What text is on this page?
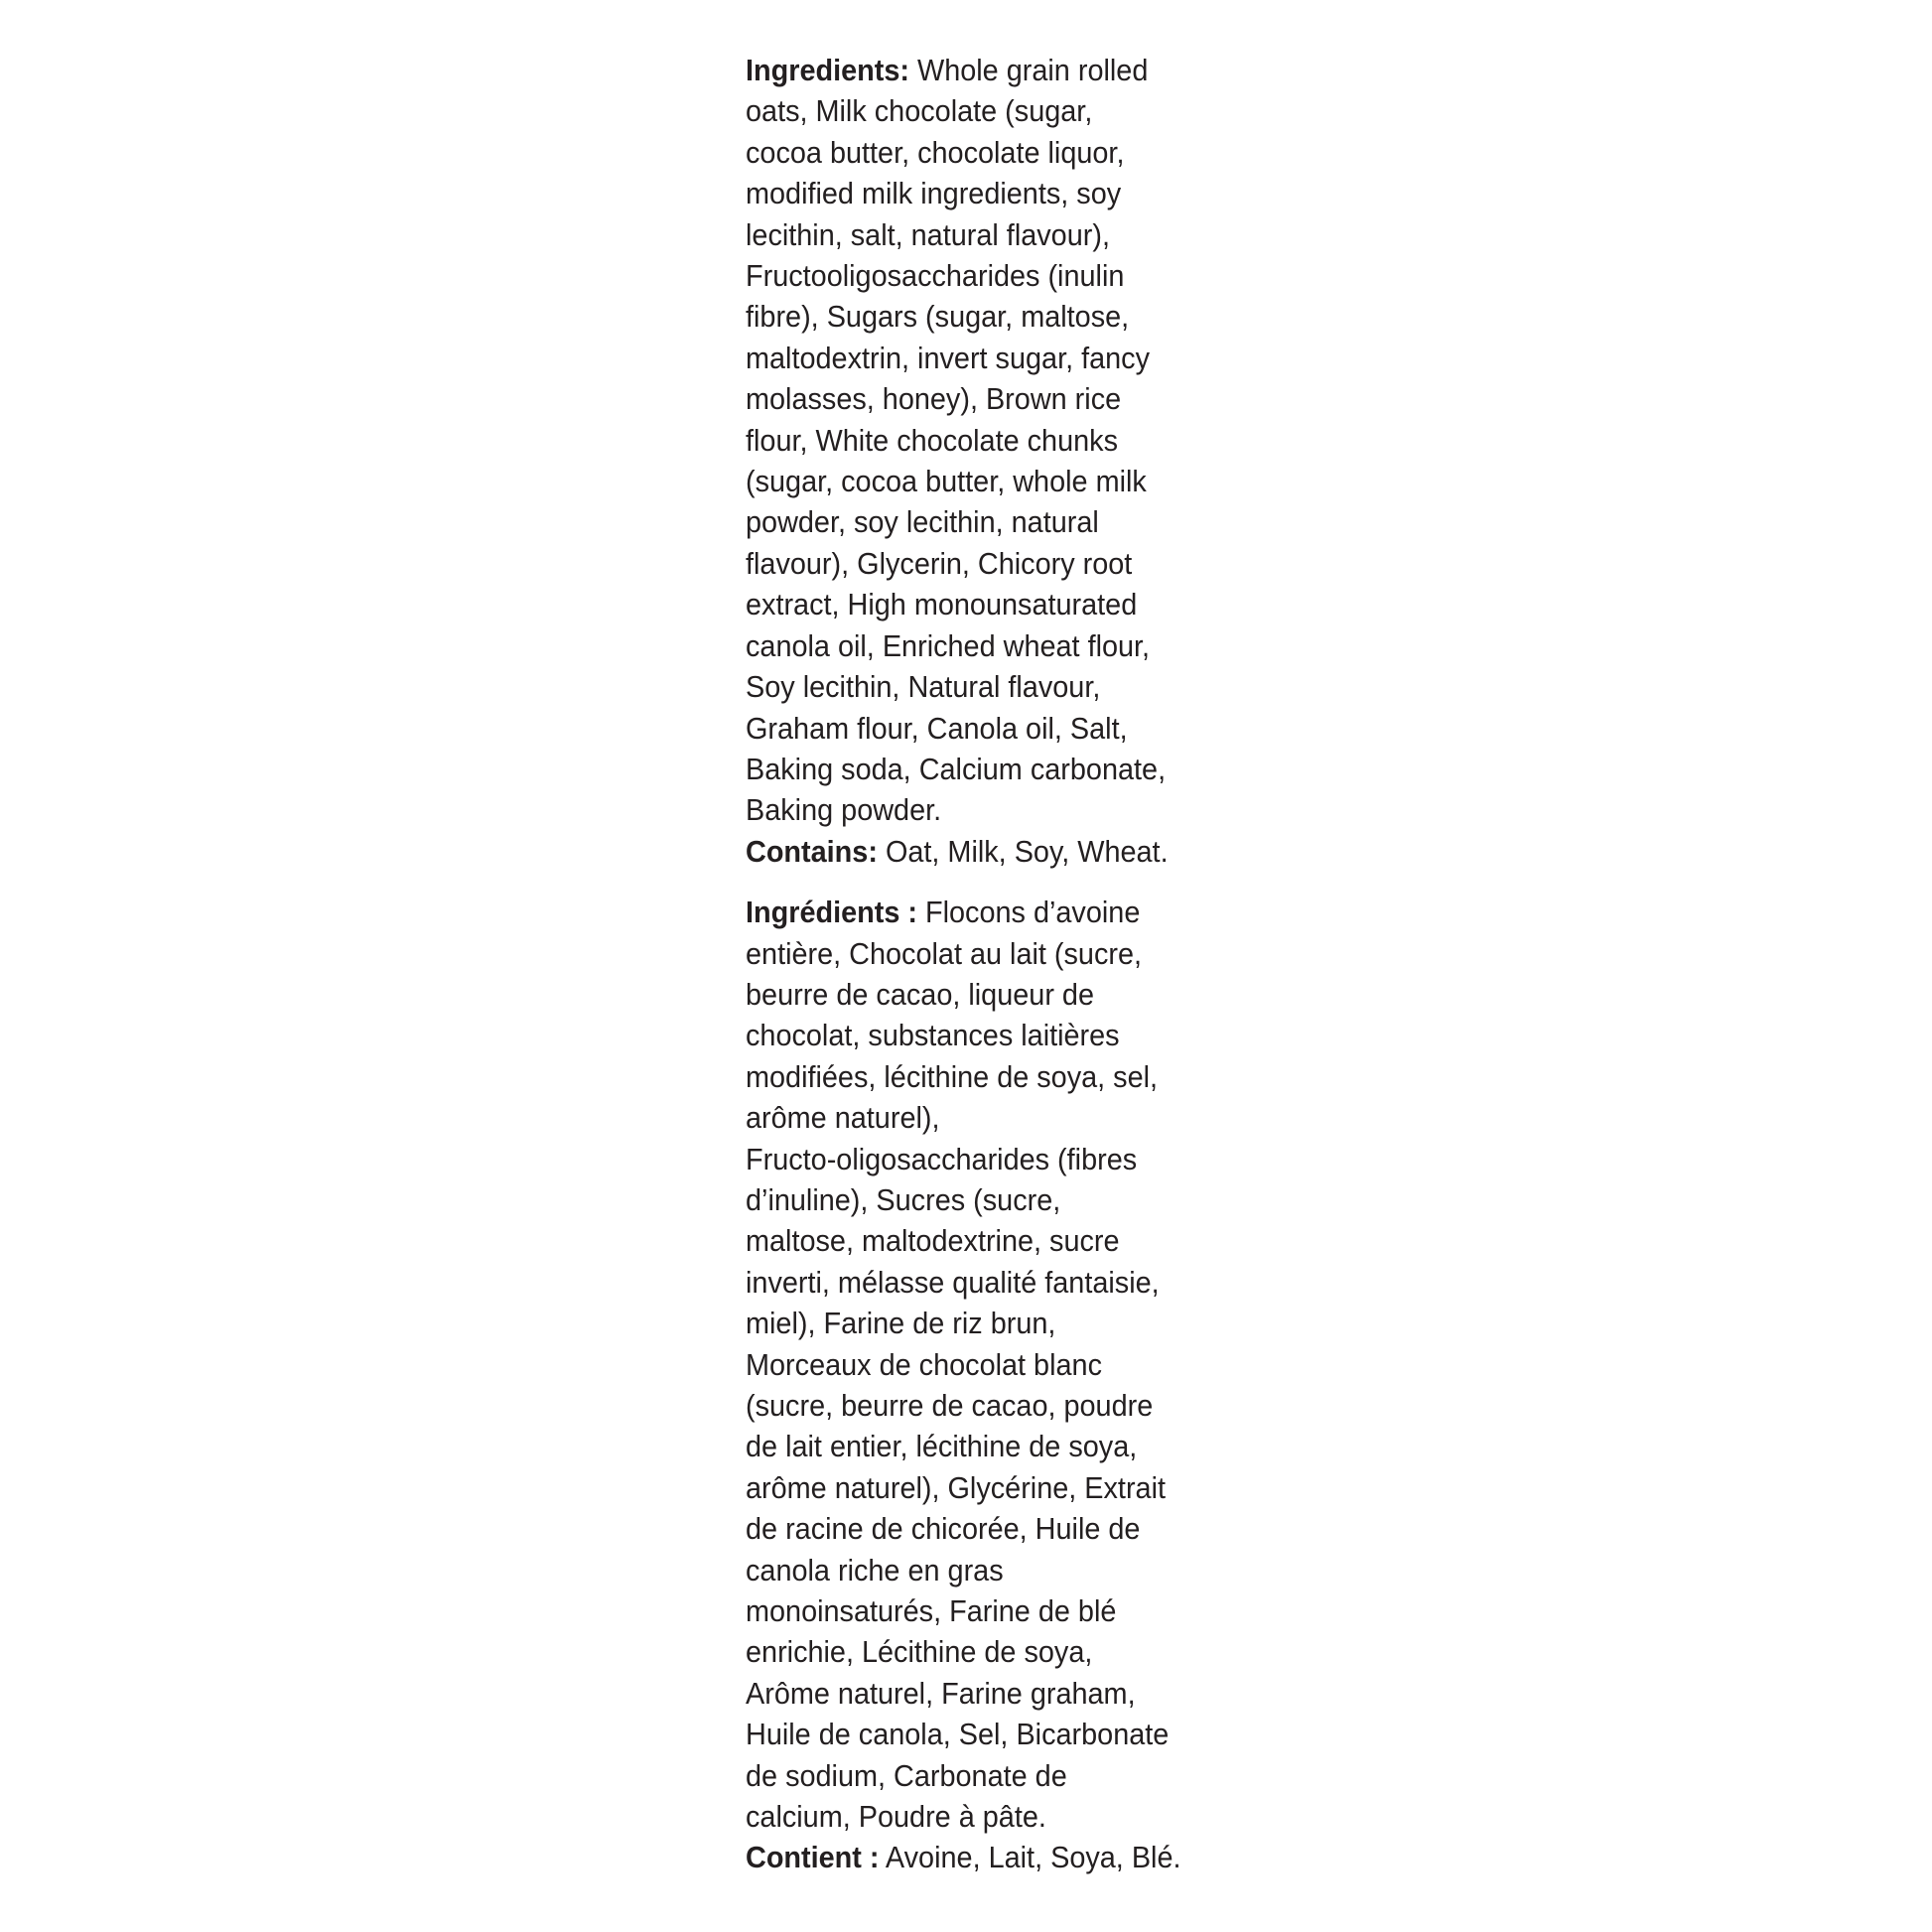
Ingredients: Whole grain rolled
oats, Milk chocolate (sugar,
cocoa butter, chocolate liquor,
modified milk ingredients, soy
lecithin, salt, natural flavour),
Fructooligosaccharides (inulin
fibre), Sugars (sugar, maltose,
maltodextrin, invert sugar, fancy
molasses, honey), Brown rice
flour, White chocolate chunks
(sugar, cocoa butter, whole milk
powder, soy lecithin, natural
flavour), Glycerin, Chicory root
extract, High monounsaturated
canola oil, Enriched wheat flour,
Soy lecithin, Natural flavour,
Graham flour, Canola oil, Salt,
Baking soda, Calcium carbonate,
Baking powder.
Contains: Oat, Milk, Soy, Wheat.
Ingrédients : Flocons d’avoine
entière, Chocolat au lait (sucre,
beurre de cacao, liqueur de
chocolat, substances laitières
modifiées, lécithine de soya, sel,
arôme naturel),
Fructo-oligosaccharides (fibres
d’inuline), Sucres (sucre,
maltose, maltodextrine, sucre
inverti, mélasse qualité fantaisie,
miel), Farine de riz brun,
Morceaux de chocolat blanc
(sucre, beurre de cacao, poudre
de lait entier, lécithine de soya,
arôme naturel), Glycérine, Extrait
de racine de chicorée, Huile de
canola riche en gras
monoinsaturés, Farine de blé
enrichie, Lécithine de soya,
Arôme naturel, Farine graham,
Huile de canola, Sel, Bicarbonate
de sodium, Carbonate de
calcium, Poudre à pâte.
Contient : Avoine, Lait, Soya, Blé.
